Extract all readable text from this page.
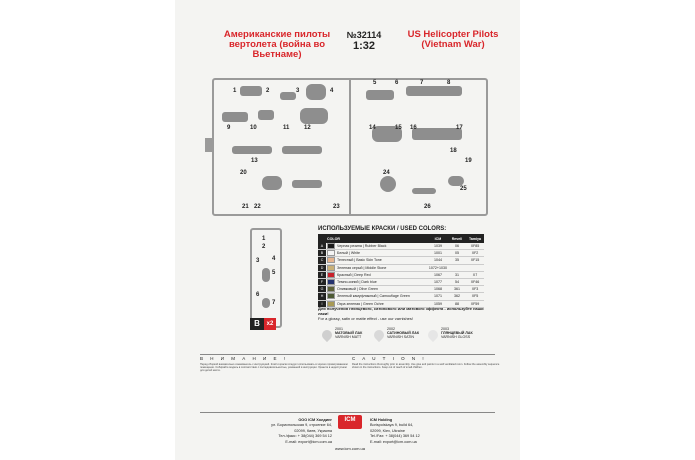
Американские пилоты вертолета (война во Вьетнаме)
№32114
1:32
US Helicopter Pilots (Vietnam War)
1	2	3	4
5	6	7	8
9	10	11 12
13
14	15 16	17
18
19
20
21 22	23
24
25
26
1
2
3 4
5
6
7
B	x2
ИСПОЛЬЗУЕМЫЕ КРАСКИ / USED COLORS:
	COLOR	ICM	Revell	Tamiya
A	Черная резина | Rubber Black	1039	06	XF85
B	Белый | White	1001	05	XF2
C	Телесный | Basic Skin Tone	1044	35	XF15
D	Зеленая серый | Middle Stone	1072+1030		
E	Красный | Deep Red	1067	31	X7
F	Темно-синий | Dark blue	1077	54	XF46
G	Оливковый | Olive Green	1068	361	XF3
H	Зеленый камуфляжный | Camouflage Green	1071	362	XF5
I	Охра зеленая | Green Ochre	1059	88	XF59
Для получения глянцевого, сатинового или матового эффекта - используйте наши лаки!
For a glossy, satin or matte effect - use our varnishes!
2001
МАТОВЫЙ ЛАК
VARNISH MATT
2002
САТИНОВЫЙ ЛАК
VARNISH SATIN
2003
ГЛЯНЦЕВЫЙ ЛАК
VARNISH GLOSS
В Н И М А Н И Е !	C A U T I O N !
Перед сборкой внимательно ознакомьтесь с инструкцией. Клей и краски следует использовать в хорошо проветриваемом помещении. Собирайте модель в соответствии с последовательностью, указанной в инструкции. Храните в недоступном для детей месте.
Read the instructions thoroughly prior to assembly. Use glue and paints in a well ventilated room. Follow the assembly sequence shown in the instructions. Keep out of reach of small children.
ООО ICM Холдинг
ул. Бориспольская 9, строение 64,
02099, Киев, Украина
Тел./факс: + 38(044) 369 54 12
E-mail: export@icm.com.ua
ICM	ICM Holding
Borispolskaya 9, build 64,
02099, Kiev, Ukraine
Tel./Fax: + 38(044) 369 54 12
E-mail: export@icm.com.ua
www.icm.com.ua
